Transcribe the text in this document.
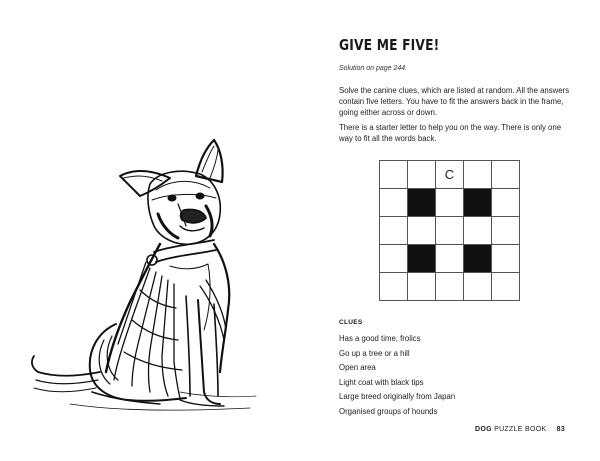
GIVE ME FIVE!
Solution on page 244.

Solve the canine clues, which are listed at random. All the answers contain five letters. You have to fit the answers back in the frame, going either across or down.

There is a starter letter to help you on the way. There is only one way to fit all the words back.

C
CLUES
Has a good time, frolics
Go up a tree or a hill
Open area
Light coat with black tips
Large breed originally from Japan
Organised groups of hounds
DOG PUZZLE BOOK 83
